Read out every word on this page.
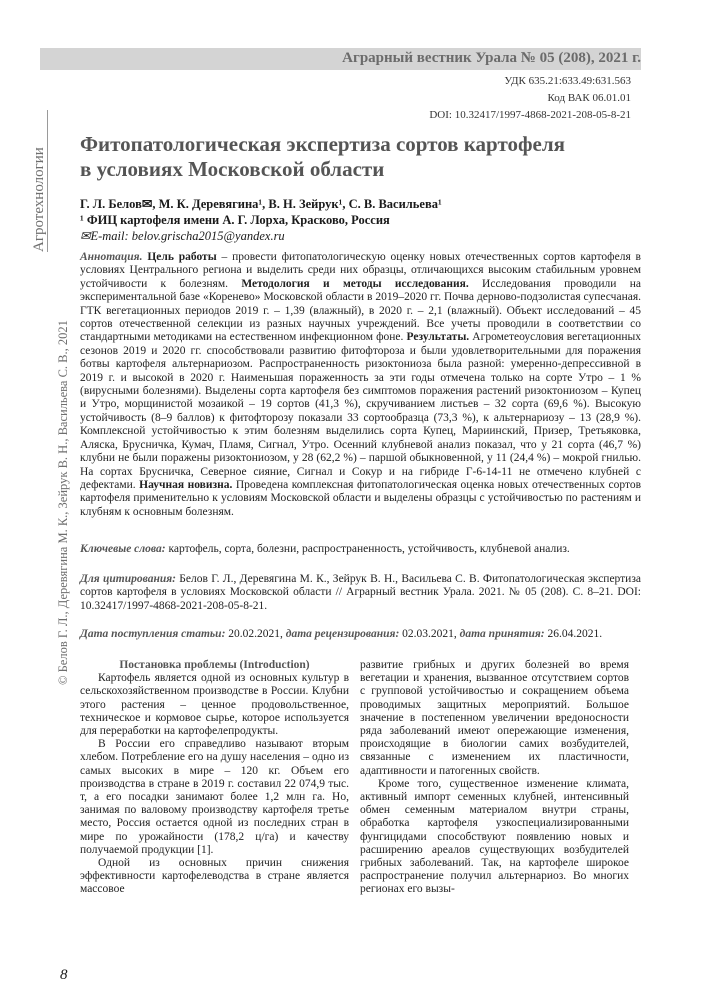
Аграрный вестник Урала № 05 (208), 2021 г.
УДК 635.21:633.49:631.563
Код ВАК 06.01.01
DOI: 10.32417/1997-4868-2021-208-05-8-21
Агротехнологии
© Белов Г. Л., Деревягина М. К., Зейрук В. Н., Васильева С. В., 2021
Фитопатологическая экспертиза сортов картофеля
в условиях Московской области
Г. Л. Белов✉, М. К. Деревягина¹, В. Н. Зейрук¹, С. В. Васильева¹
¹ ФИЦ картофеля имени А. Г. Лорха, Красково, Россия
✉E-mail: belov.grischa2015@yandex.ru
Аннотация. Цель работы – провести фитопатологическую оценку новых отечественных сортов картофеля в условиях Центрального региона и выделить среди них образцы, отличающихся высоким стабильным уровнем устойчивости к болезням. Методология и методы исследования. Исследования проводили на экспериментальной базе «Коренево» Московской области в 2019–2020 гг. Почва дерново-подзолистая супесчаная. ГТК вегетационных периодов 2019 г. – 1,39 (влажный), в 2020 г. – 2,1 (влажный). Объект исследований – 45 сортов отечественной селекции из разных научных учреждений. Все учеты проводили в соответствии со стандартными методиками на естественном инфекционном фоне. Результаты. Агрометеоусловия вегетационных сезонов 2019 и 2020 гг. способствовали развитию фитофтороза и были удовлетворительными для поражения ботвы картофеля альтернариозом. Распространенность ризоктониоза была разной: умеренно-депрессивной в 2019 г. и высокой в 2020 г. Наименьшая пораженность за эти годы отмечена только на сорте Утро – 1 % (вирусными болезнями). Выделены сорта картофеля без симптомов поражения растений ризоктониозом – Купец и Утро, морщинистой мозаикой – 19 сортов (41,3 %), скручиванием листьев – 32 сорта (69,6 %). Высокую устойчивость (8–9 баллов) к фитофторозу показали 33 сортообразца (73,3 %), к альтернариозу – 13 (28,9 %). Комплексной устойчивостью к этим болезням выделились сорта Купец, Мариинский, Призер, Третьяковка, Аляска, Брусничка, Кумач, Пламя, Сигнал, Утро. Осенний клубневой анализ показал, что у 21 сорта (46,7 %) клубни не были поражены ризоктониозом, у 28 (62,2 %) – паршой обыкновенной, у 11 (24,4 %) – мокрой гнилью. На сортах Брусничка, Северное сияние, Сигнал и Сокур и на гибриде Г-6-14-11 не отмечено клубней с дефектами. Научная новизна. Проведена комплексная фитопатологическая оценка новых отечественных сортов картофеля применительно к условиям Московской области и выделены образцы с устойчивостью по растениям и клубням к основным болезням.
Ключевые слова: картофель, сорта, болезни, распространенность, устойчивость, клубневой анализ.
Для цитирования: Белов Г. Л., Деревягина М. К., Зейрук В. Н., Васильева С. В. Фитопатологическая экспертиза сортов картофеля в условиях Московской области // Аграрный вестник Урала. 2021. № 05 (208). С. 8–21. DOI: 10.32417/1997-4868-2021-208-05-8-21.
Дата поступления статьи: 20.02.2021, дата рецензирования: 02.03.2021, дата принятия: 26.04.2021.

Постановка проблемы (Introduction)

Картофель является одной из основных культур в сельскохозяйственном производстве в России. Клубни этого растения – ценное продовольственное, техническое и кормовое сырье, которое используется для переработки на картофелепродукты.

В России его справедливо называют вторым хлебом. Потребление его на душу населения – одно из самых высоких в мире – 120 кг. Объем его производства в стране в 2019 г. составил 22 074,9 тыс. т, а его посадки занимают более 1,2 млн га. Но, занимая по валовому производству картофеля третье место, Россия остается одной из последних стран в мире по урожайности (178,2 ц/га) и качеству получаемой продукции [1].

Одной из основных причин снижения эффективности картофелеводства в стране является массовое

развитие грибных и других болезней во время вегетации и хранения, вызванное отсутствием сортов с групповой устойчивостью и сокращением объема проводимых защитных мероприятий. Большое значение в постепенном увеличении вредоносности ряда заболеваний имеют опережающие изменения, происходящие в биологии самих возбудителей, связанные с изменением их пластичности, адаптивности и патогенных свойств.

Кроме того, существенное изменение климата, активный импорт семенных клубней, интенсивный обмен семенным материалом внутри страны, обработка картофеля узкоспециализированными фунгицидами способствуют появлению новых и расширению ареалов существующих возбудителей грибных заболеваний. Так, на картофеле широкое распространение получил альтернариоз. Во многих регионах его вызы-

8
